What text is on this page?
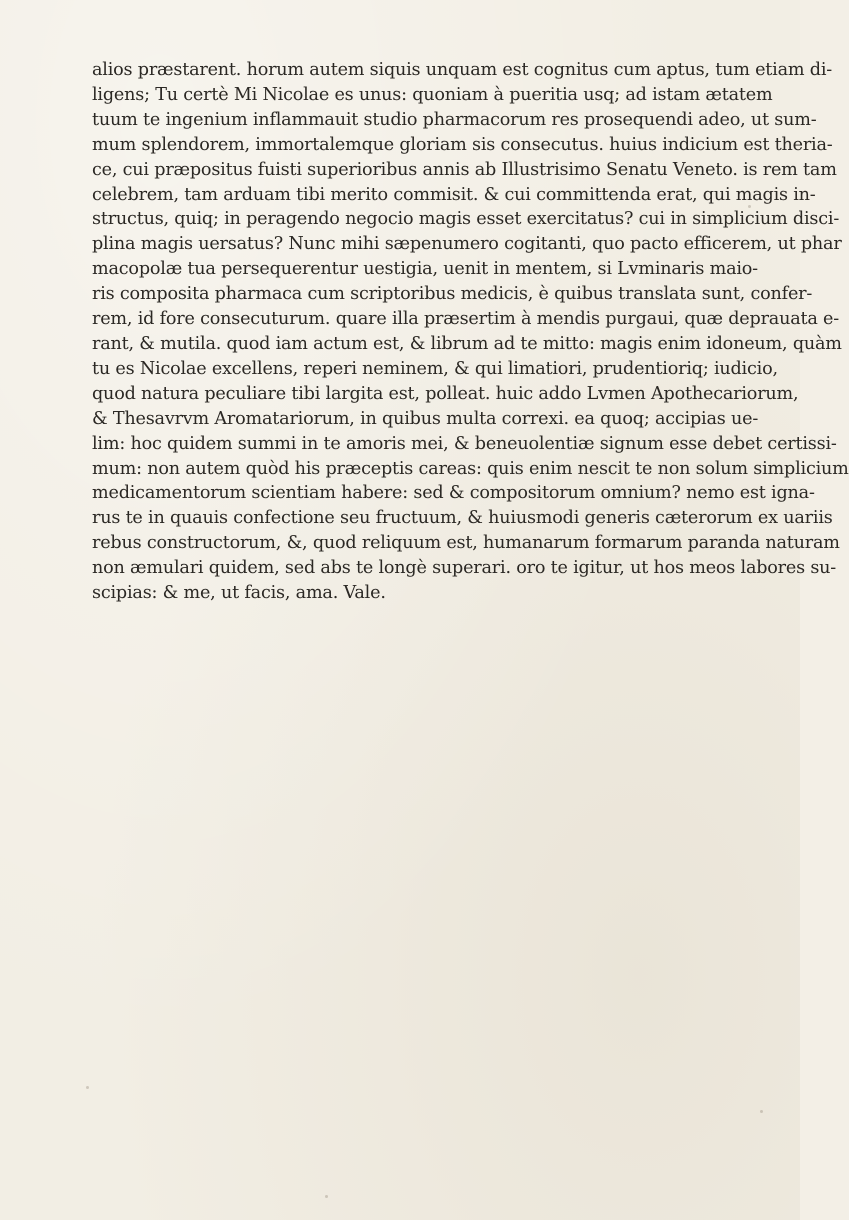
alios præstarent. horum autem siquis unquam est cognitus cum aptus, tum etiam di-
ligens; Tu certè Mi Nicolae es unus: quoniam à pueritia usq; ad istam ætatem
tuum te ingenium inflammauit studio pharmacorum res prosequendi adeo, ut sum-
mum splendorem, immortalemque gloriam sis consecutus. huius indicium est theria-
ce, cui præpositus fuisti superioribus annis ab Illustrisimo Senatu Veneto. is rem tam
celebrem, tam arduam tibi merito commisit. & cui committenda erat, qui magis in-
structus, quiq; in peragendo negocio magis esset exercitatus? cui in simplicium disci-
plina magis uersatus? Nunc mihi sæpenumero cogitanti, quo pacto efficerem, ut phar
macopolæ tua persequerentur uestigia, uenit in mentem, si Lvminaris maio-
ris composita pharmaca cum scriptoribus medicis, è quibus translata sunt, confer-
rem, id fore consecuturum. quare illa præsertim à mendis purgaui, quæ deprauata e-
rant, & mutila. quod iam actum est, & librum ad te mitto: magis enim idoneum, quàm
tu es Nicolae excellens, reperi neminem, & qui limatiori, prudentioriq; iudicio,
quod natura peculiare tibi largita est, polleat. huic addo Lvmen Apothecariorum,
& Thesavrvm Aromatariorum, in quibus multa correxi. ea quoq; accipias ue-
lim: hoc quidem summi in te amoris mei, & beneuolentiæ signum esse debet certissi-
mum: non autem quòd his præceptis careas: quis enim nescit te non solum simplicium
medicamentorum scientiam habere: sed & compositorum omnium? nemo est igna-
rus te in quauis confectione seu fructuum, & huiusmodi generis cæterorum ex uariis
rebus constructorum, &, quod reliquum est, humanarum formarum paranda naturam
non æmulari quidem, sed abs te longè superari. oro te igitur, ut hos meos labores su-
scipias: & me, ut facis, ama. Vale.
